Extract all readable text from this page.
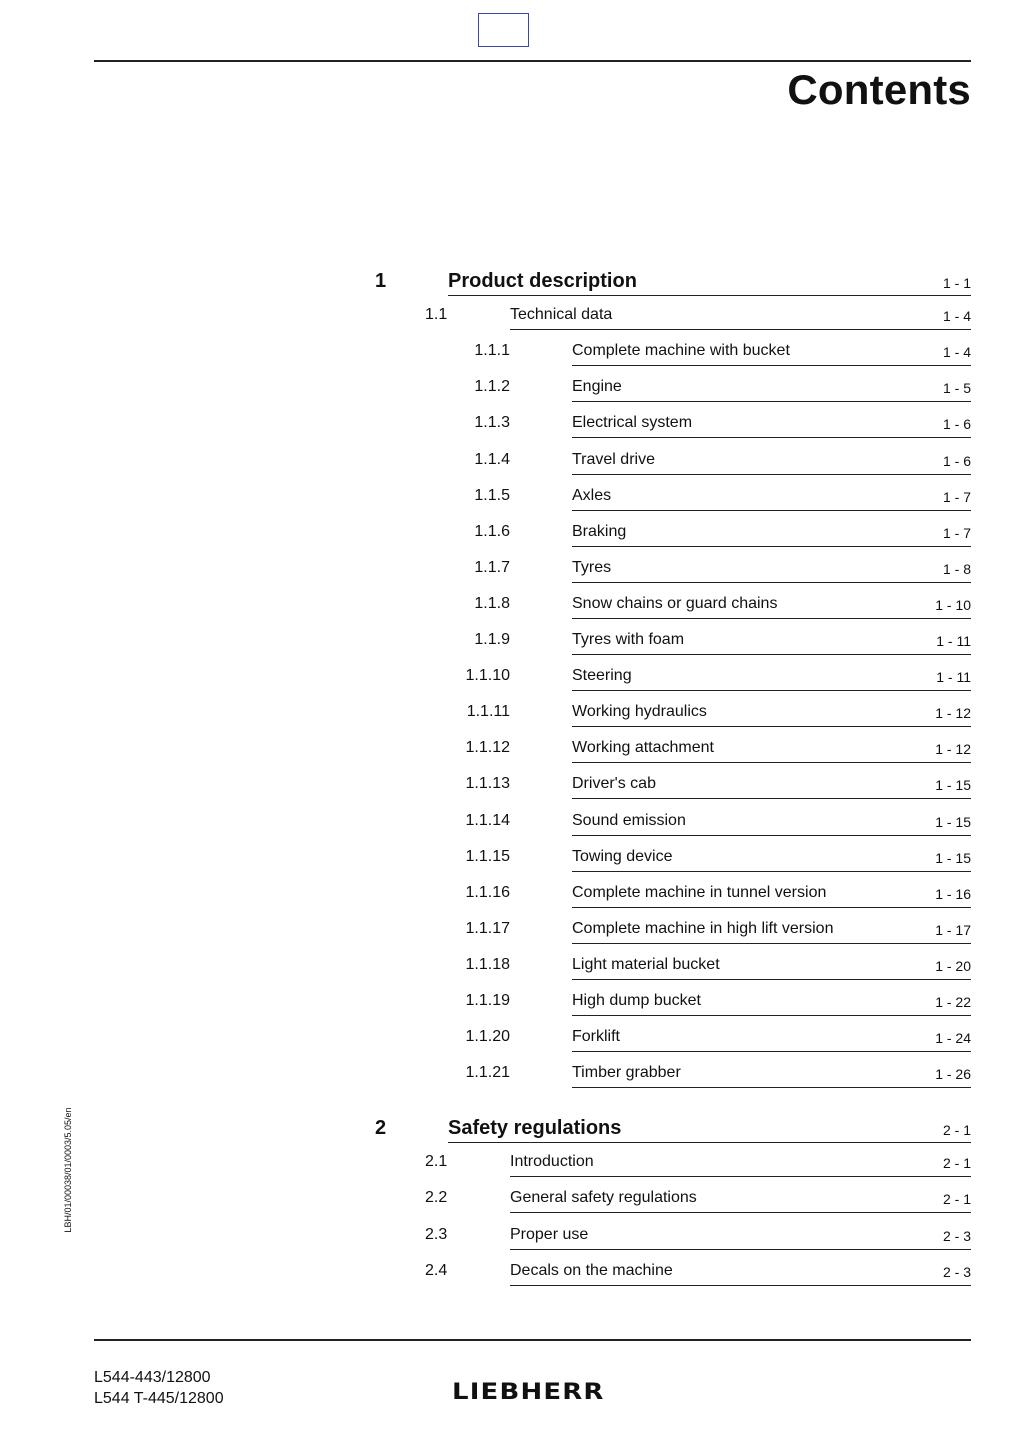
Contents
LBH/01/00038/01/0003/5.05/en
1	Product description	1 - 1
1.1	Technical data	1 - 4
1.1.1	Complete machine with bucket	1 - 4
1.1.2	Engine	1 - 5
1.1.3	Electrical system	1 - 6
1.1.4	Travel drive	1 - 6
1.1.5	Axles	1 - 7
1.1.6	Braking	1 - 7
1.1.7	Tyres	1 - 8
1.1.8	Snow chains or guard chains	1 - 10
1.1.9	Tyres with foam	1 - 11
1.1.10	Steering	1 - 11
1.1.11	Working hydraulics	1 - 12
1.1.12	Working attachment	1 - 12
1.1.13	Driver's cab	1 - 15
1.1.14	Sound emission	1 - 15
1.1.15	Towing device	1 - 15
1.1.16	Complete machine in tunnel version	1 - 16
1.1.17	Complete machine in high lift version	1 - 17
1.1.18	Light material bucket	1 - 20
1.1.19	High dump bucket	1 - 22
1.1.20	Forklift	1 - 24
1.1.21	Timber grabber	1 - 26
2	Safety regulations	2 - 1
2.1	Introduction	2 - 1
2.2	General safety regulations	2 - 1
2.3	Proper use	2 - 3
2.4	Decals on the machine	2 - 3
L544-443/12800
L544 T-445/12800	LIEBHERR
